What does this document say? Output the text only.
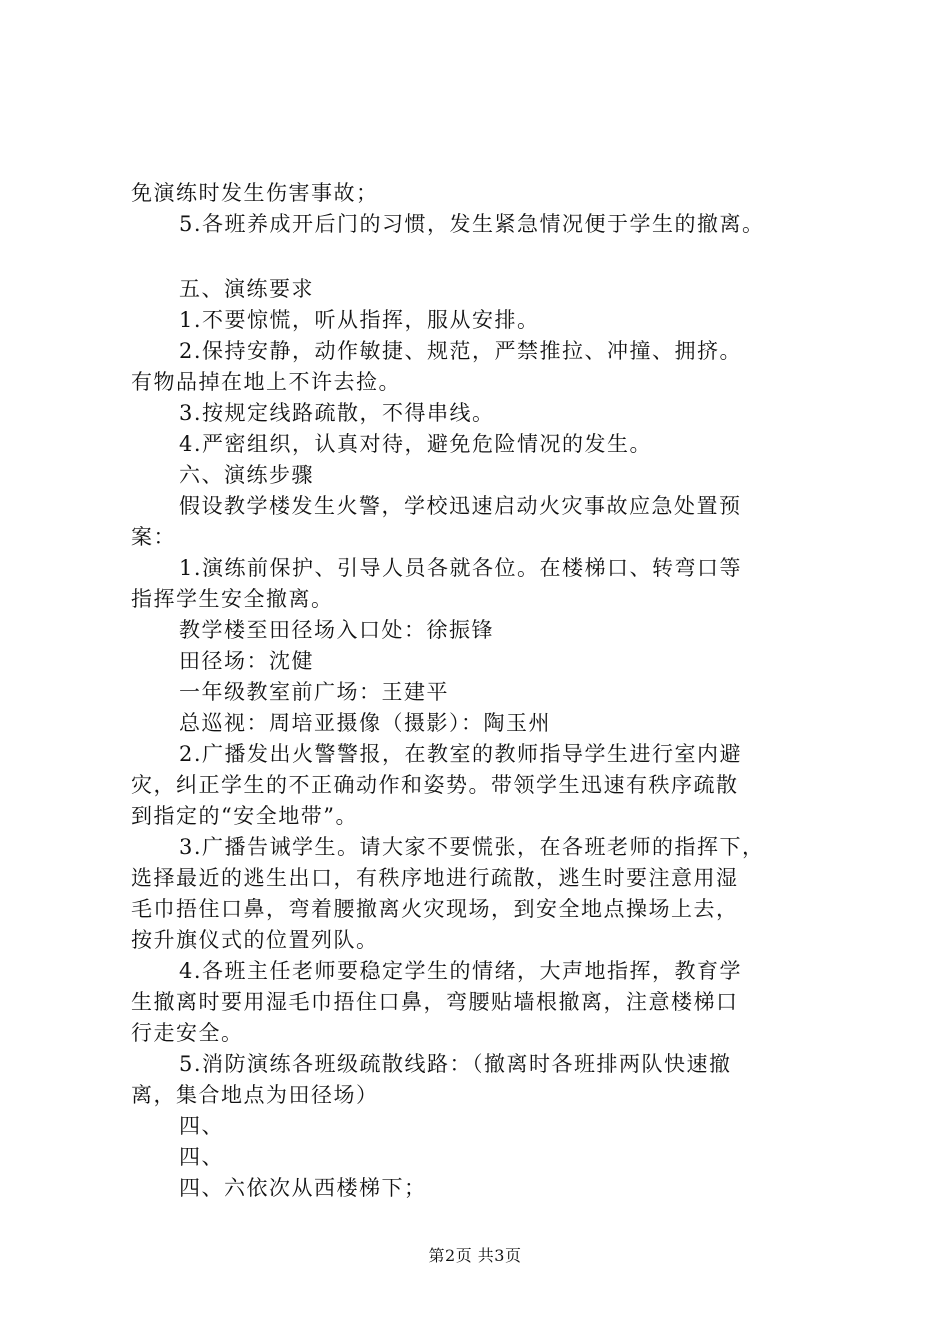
免演练时发生伤害事故；
5.各班养成开后门的习惯，发生紧急情况便于学生的撤离。
五、演练要求
1.不要惊慌，听从指挥，服从安排。
2.保持安静，动作敏捷、规范，严禁推拉、冲撞、拥挤。
有物品掉在地上不许去捡。
3.按规定线路疏散，不得串线。
4.严密组织，认真对待，避免危险情况的发生。
六、演练步骤
假设教学楼发生火警，学校迅速启动火灾事故应急处置预
案：
1.演练前保护、引导人员各就各位。在楼梯口、转弯口等
指挥学生安全撤离。
教学楼至田径场入口处：徐振锋
田径场：沈健
一年级教室前广场：王建平
总巡视：周培亚摄像（摄影）：陶玉州
2.广播发出火警警报，在教室的教师指导学生进行室内避
灾，纠正学生的不正确动作和姿势。带领学生迅速有秩序疏散
到指定的“安全地带”。
3.广播告诫学生。请大家不要慌张，在各班老师的指挥下，
选择最近的逃生出口，有秩序地进行疏散，逃生时要注意用湿
毛巾捂住口鼻，弯着腰撤离火灾现场，到安全地点操场上去，
按升旗仪式的位置列队。
4.各班主任老师要稳定学生的情绪，大声地指挥，教育学
生撤离时要用湿毛巾捂住口鼻，弯腰贴墙根撤离，注意楼梯口
行走安全。
5.消防演练各班级疏散线路：（撤离时各班排两队快速撤
离，集合地点为田径场）
四、
四、
四、六依次从西楼梯下；
第2页 共3页
